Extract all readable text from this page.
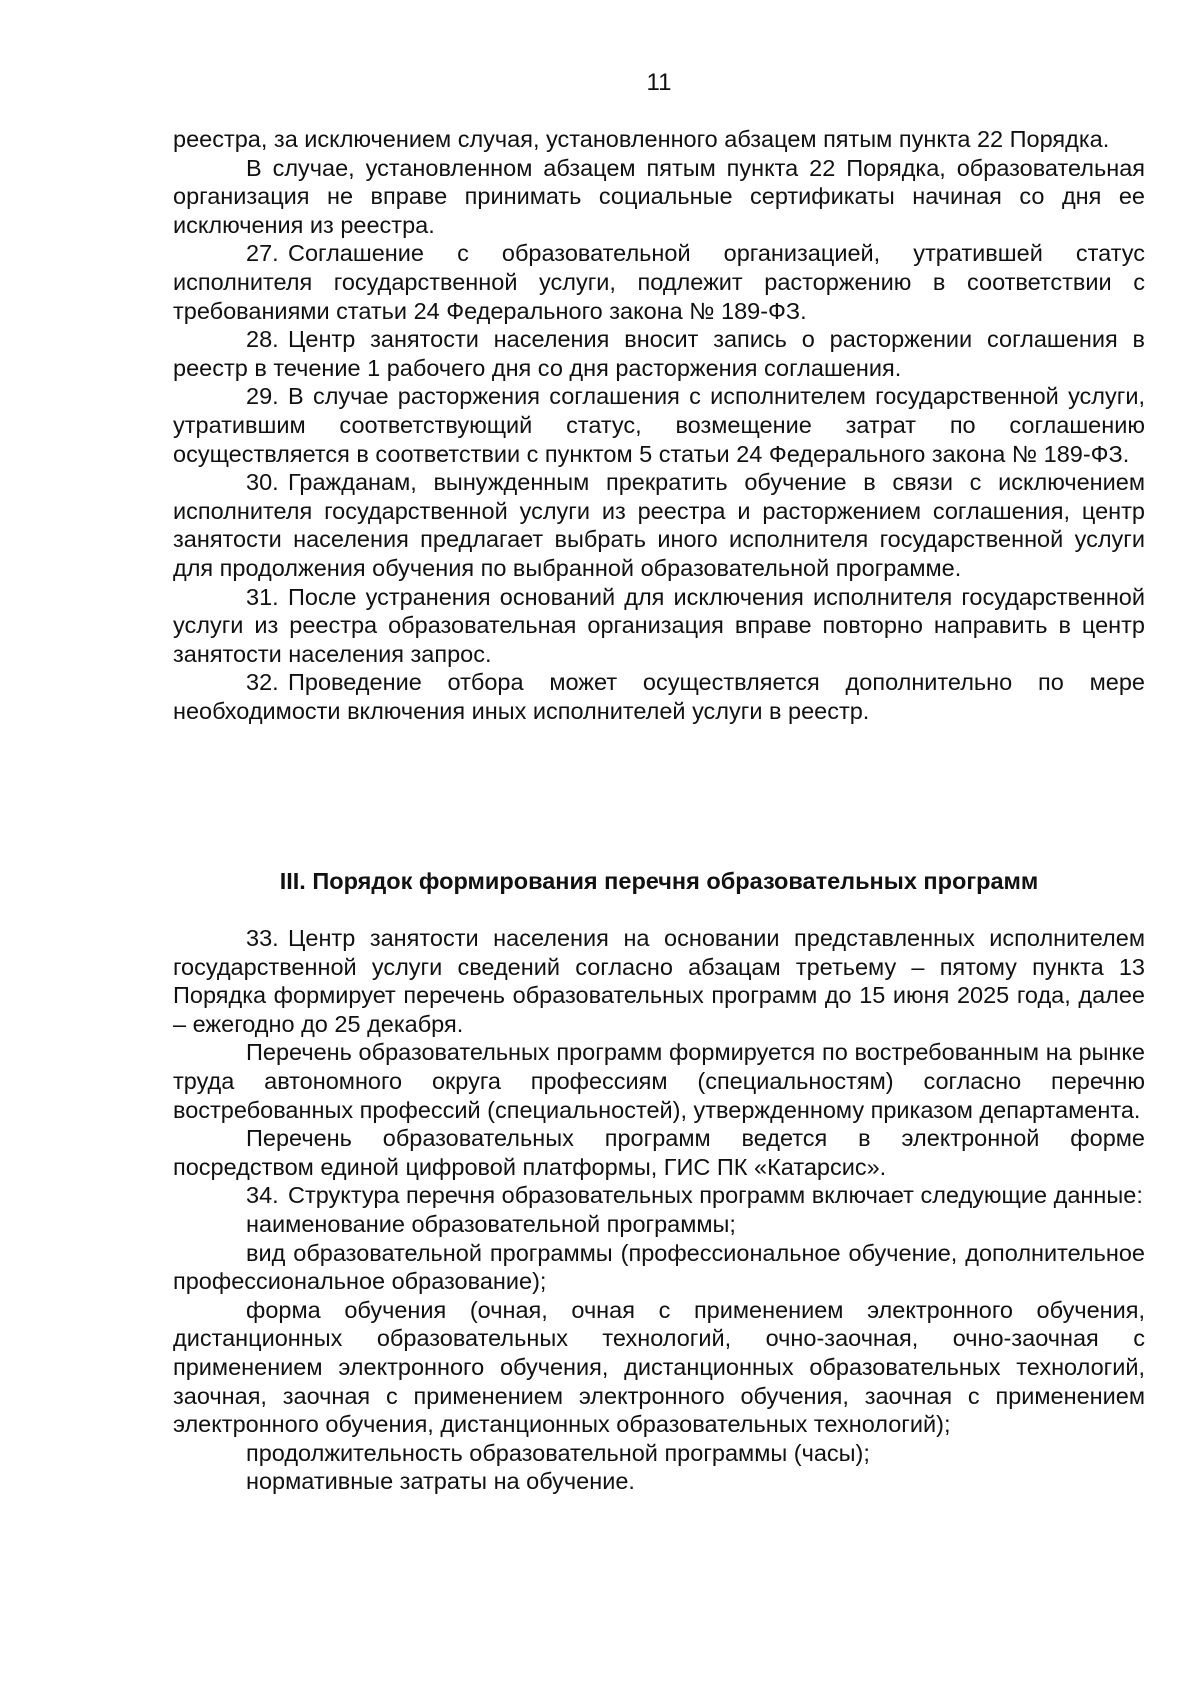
11

реестра, за исключением случая, установленного абзацем пятым пункта 22 Порядка.

В случае, установленном абзацем пятым пункта 22 Порядка, образовательная организация не вправе принимать социальные сертификаты начиная со дня ее исключения из реестра.

27. Соглашение с образовательной организацией, утратившей статус исполнителя государственной услуги, подлежит расторжению в соответствии с требованиями статьи 24 Федерального закона № 189-ФЗ.

28. Центр занятости населения вносит запись о расторжении соглашения в реестр в течение 1 рабочего дня со дня расторжения соглашения.

29. В случае расторжения соглашения с исполнителем государственной услуги, утратившим соответствующий статус, возмещение затрат по соглашению осуществляется в соответствии с пунктом 5 статьи 24 Федерального закона № 189-ФЗ.

30. Гражданам, вынужденным прекратить обучение в связи с исключением исполнителя государственной услуги из реестра и расторжением соглашения, центр занятости населения предлагает выбрать иного исполнителя государственной услуги для продолжения обучения по выбранной образовательной программе.

31. После устранения оснований для исключения исполнителя государственной услуги из реестра образовательная организация вправе повторно направить в центр занятости населения запрос.

32. Проведение отбора может осуществляется дополнительно по мере необходимости включения иных исполнителей услуги в реестр.

III. Порядок формирования перечня образовательных программ

33. Центр занятости населения на основании представленных исполнителем государственной услуги сведений согласно абзацам третьему – пятому пункта 13 Порядка формирует перечень образовательных программ до 15 июня 2025 года, далее – ежегодно до 25 декабря.

Перечень образовательных программ формируется по востребованным на рынке труда автономного округа профессиям (специальностям) согласно перечню востребованных профессий (специальностей), утвержденному приказом департамента.

Перечень образовательных программ ведется в электронной форме посредством единой цифровой платформы, ГИС ПК «Катарсис».

34. Структура перечня образовательных программ включает следующие данные:

наименование образовательной программы;

вид образовательной программы (профессиональное обучение, дополнительное профессиональное образование);

форма обучения (очная, очная с применением электронного обучения, дистанционных образовательных технологий, очно-заочная, очно-заочная с применением электронного обучения, дистанционных образовательных технологий, заочная, заочная с применением электронного обучения, заочная с применением электронного обучения, дистанционных образовательных технологий);

продолжительность образовательной программы (часы);

нормативные затраты на обучение.
